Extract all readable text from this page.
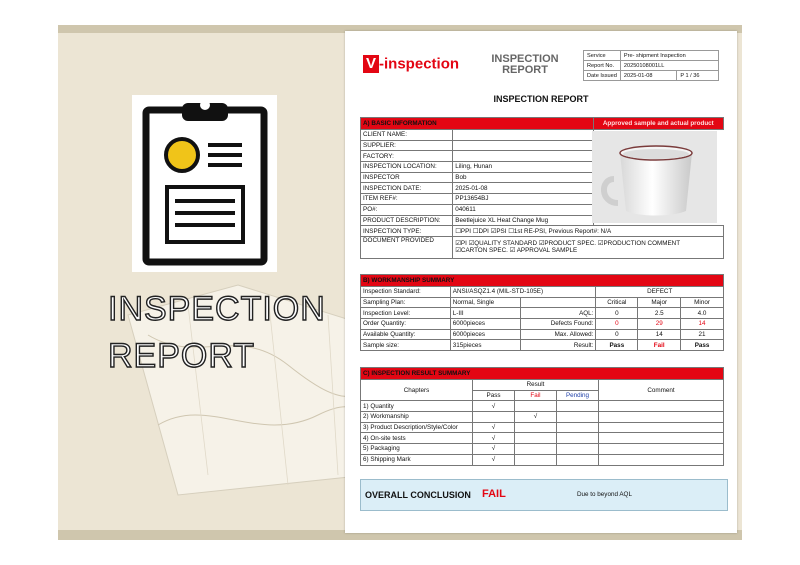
INSPECTION
REPORT
V -inspection	INSPECTION
REPORT
Service	Pre- shipment Inspection	
Report No.	20250108001LL	
Date Issued	2025-01-08	P 1 / 36
INSPECTION REPORT
A) BASIC INFORMATION		Approved sample and actual product
CLIENT NAME:		
SUPPLIER:		
FACTORY:		
INSPECTION LOCATION:	Liling, Hunan	
INSPECTOR	Bob	
INSPECTION DATE:	2025-01-08	
ITEM REF#:	PP13654BJ	
PO#:	040611	
PRODUCT DESCRIPTION:	Beetlejuice XL Heat Change Mug	
INSPECTION TYPE:	☐PPI ☐DPI ☑PSI ☐1st RE-PSI, Previous Report#: N/A	
DOCUMENT PROVIDED	☑PI ☑QUALITY STANDARD ☑PRODUCT SPEC. ☑PRODUCTION COMMENT
☑CARTON SPEC. ☑ APPROVAL SAMPLE	
B) WORKMANSHIP SUMMARY					
Inspection Standard:	ANSI/ASQZ1.4 (MIL-STD-105E)		DEFECT		
Sampling Plan:	Normal, Single		Critical	Major	Minor
Inspection Level:	L-III	AQL:	0	2.5	4.0
Order Quantity:	6000pieces	Defects Found:	0	29	14
Available Quantity:	6000pieces	Max. Allowed:	0	14	21
Sample size:	315pieces	Result:	Pass	Fail	Pass
C) INSPECTION RESULT SUMMARY				
Chapters	Result			Comment
	Pass	Fail	Pending	
1) Quantity	√			
2) Workmanship		√		
3) Product Description/Style/Color	√			
4) On-site tests	√			
5) Packaging	√			
6) Shipping Mark	√			
OVERALL CONCLUSION FAIL	Due to beyond AQL
